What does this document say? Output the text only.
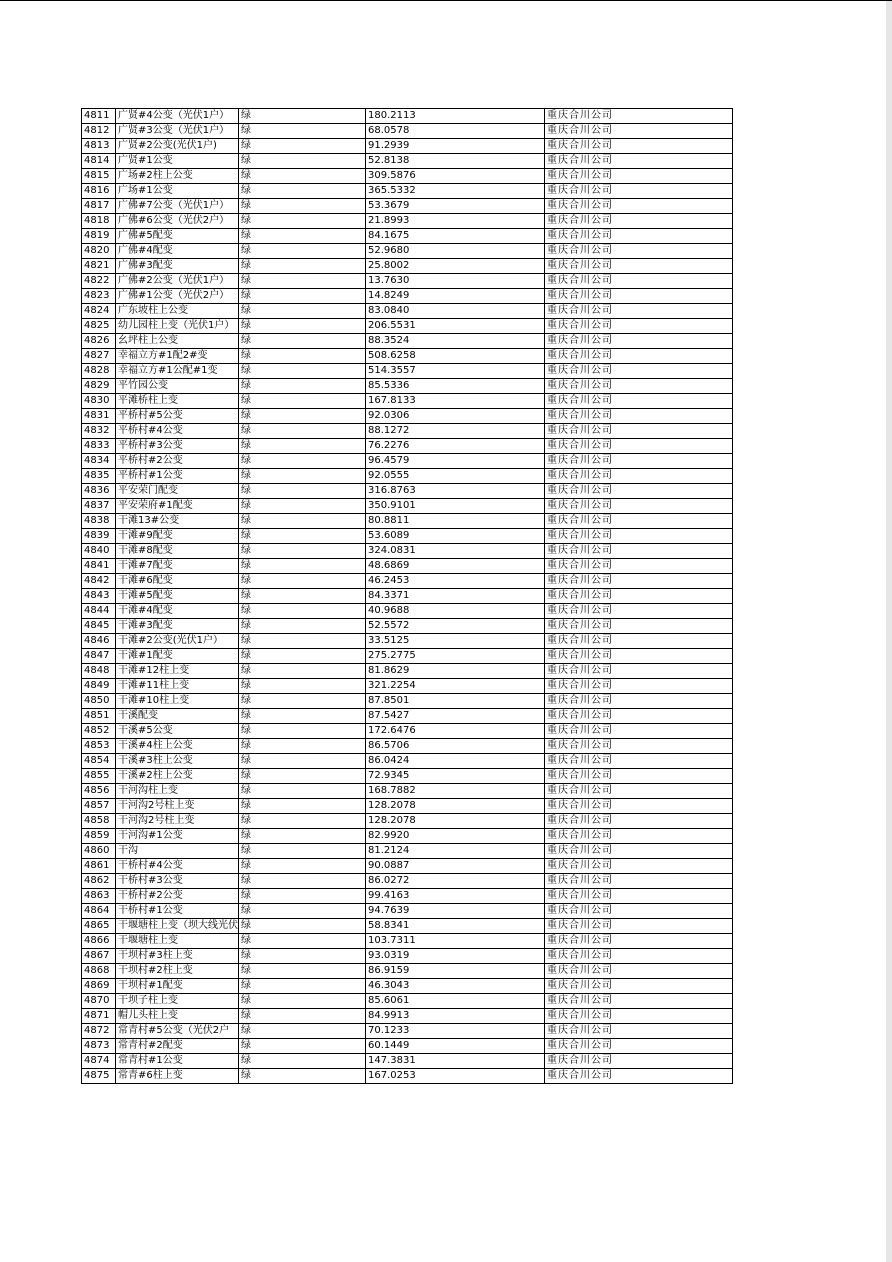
4811	广贤#4公变（光伏1户）	绿	180.2113	重庆合川公司
4812	广贤#3公变（光伏1户）	绿	68.0578	重庆合川公司
4813	广贤#2公变(光伏1户)	绿	91.2939	重庆合川公司
4814	广贤#1公变	绿	52.8138	重庆合川公司
4815	广场#2柱上公变	绿	309.5876	重庆合川公司
4816	广场#1公变	绿	365.5332	重庆合川公司
4817	广佛#7公变（光伏1户）	绿	53.3679	重庆合川公司
4818	广佛#6公变（光伏2户）	绿	21.8993	重庆合川公司
4819	广佛#5配变	绿	84.1675	重庆合川公司
4820	广佛#4配变	绿	52.9680	重庆合川公司
4821	广佛#3配变	绿	25.8002	重庆合川公司
4822	广佛#2公变（光伏1户）	绿	13.7630	重庆合川公司
4823	广佛#1公变（光伏2户）	绿	14.8249	重庆合川公司
4824	广东坡柱上公变	绿	83.0840	重庆合川公司
4825	幼儿园柱上变（光伏1户）	绿	206.5531	重庆合川公司
4826	幺坪柱上公变	绿	88.3524	重庆合川公司
4827	幸福立方#1配2#变	绿	508.6258	重庆合川公司
4828	幸福立方#1公配#1变	绿	514.3557	重庆合川公司
4829	平竹园公变	绿	85.5336	重庆合川公司
4830	平滩桥柱上变	绿	167.8133	重庆合川公司
4831	平桥村#5公变	绿	92.0306	重庆合川公司
4832	平桥村#4公变	绿	88.1272	重庆合川公司
4833	平桥村#3公变	绿	76.2276	重庆合川公司
4834	平桥村#2公变	绿	96.4579	重庆合川公司
4835	平桥村#1公变	绿	92.0555	重庆合川公司
4836	平安荣门配变	绿	316.8763	重庆合川公司
4837	平安荣府#1配变	绿	350.9101	重庆合川公司
4838	干滩13#公变	绿	80.8811	重庆合川公司
4839	干滩#9配变	绿	53.6089	重庆合川公司
4840	干滩#8配变	绿	324.0831	重庆合川公司
4841	干滩#7配变	绿	48.6869	重庆合川公司
4842	干滩#6配变	绿	46.2453	重庆合川公司
4843	干滩#5配变	绿	84.3371	重庆合川公司
4844	干滩#4配变	绿	40.9688	重庆合川公司
4845	干滩#3配变	绿	52.5572	重庆合川公司
4846	干滩#2公变(光伏1户）	绿	33.5125	重庆合川公司
4847	干滩#1配变	绿	275.2775	重庆合川公司
4848	干滩#12柱上变	绿	81.8629	重庆合川公司
4849	干滩#11柱上变	绿	321.2254	重庆合川公司
4850	干滩#10柱上变	绿	87.8501	重庆合川公司
4851	干溪配变	绿	87.5427	重庆合川公司
4852	干溪#5公变	绿	172.6476	重庆合川公司
4853	干溪#4柱上公变	绿	86.5706	重庆合川公司
4854	干溪#3柱上公变	绿	86.0424	重庆合川公司
4855	干溪#2柱上公变	绿	72.9345	重庆合川公司
4856	干河沟柱上变	绿	168.7882	重庆合川公司
4857	干河沟2号柱上变	绿	128.2078	重庆合川公司
4858	干河沟2号柱上变	绿	128.2078	重庆合川公司
4859	干河沟#1公变	绿	82.9920	重庆合川公司
4860	干沟	绿	81.2124	重庆合川公司
4861	干桥村#4公变	绿	90.0887	重庆合川公司
4862	干桥村#3公变	绿	86.0272	重庆合川公司
4863	干桥村#2公变	绿	99.4163	重庆合川公司
4864	干桥村#1公变	绿	94.7639	重庆合川公司
4865	干堰塘柱上变（坝大线光伏	绿	58.8341	重庆合川公司
4866	干堰塘柱上变	绿	103.7311	重庆合川公司
4867	干坝村#3柱上变	绿	93.0319	重庆合川公司
4868	干坝村#2柱上变	绿	86.9159	重庆合川公司
4869	干坝村#1配变	绿	46.3043	重庆合川公司
4870	干坝子柱上变	绿	85.6061	重庆合川公司
4871	帽儿头柱上变	绿	84.9913	重庆合川公司
4872	常青村#5公变（光伏2户	绿	70.1233	重庆合川公司
4873	常青村#2配变	绿	60.1449	重庆合川公司
4874	常青村#1公变	绿	147.3831	重庆合川公司
4875	常青#6柱上变	绿	167.0253	重庆合川公司
